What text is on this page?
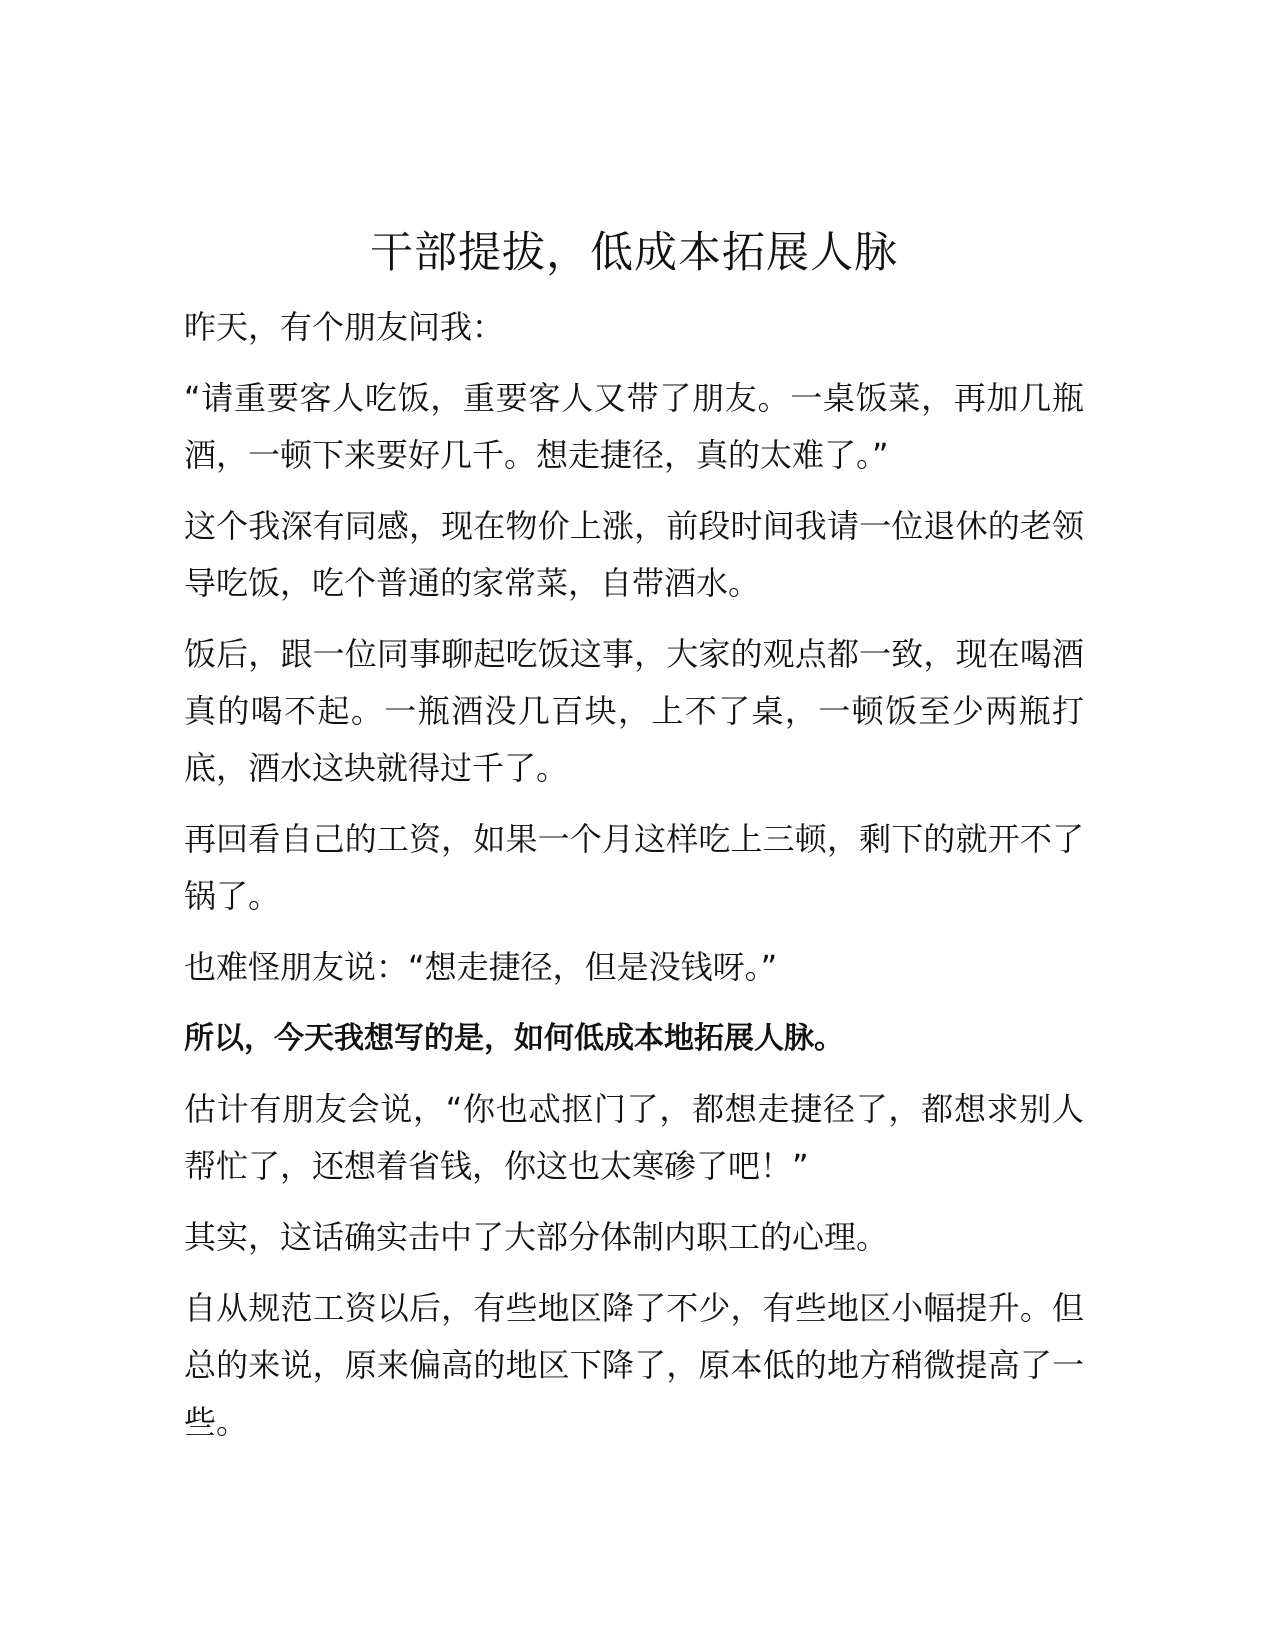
干部提拔，低成本拓展人脉

昨天，有个朋友问我：

“请重要客人吃饭，重要客人又带了朋友。一桌饭菜，再加几瓶酒，一顿下来要好几千。想走捷径，真的太难了。”

这个我深有同感，现在物价上涨，前段时间我请一位退休的老领导吃饭，吃个普通的家常菜，自带酒水。

饭后，跟一位同事聊起吃饭这事，大家的观点都一致，现在喝酒真的喝不起。一瓶酒没几百块，上不了桌，一顿饭至少两瓶打底，酒水这块就得过千了。

再回看自己的工资，如果一个月这样吃上三顿，剩下的就开不了锅了。

也难怪朋友说：“想走捷径，但是没钱呀。”

所以，今天我想写的是，如何低成本地拓展人脉。

估计有朋友会说，“你也忒抠门了，都想走捷径了，都想求别人帮忙了，还想着省钱，你这也太寒碜了吧！”

其实，这话确实击中了大部分体制内职工的心理。

自从规范工资以后，有些地区降了不少，有些地区小幅提升。但总的来说，原来偏高的地区下降了，原本低的地方稍微提高了一些。
